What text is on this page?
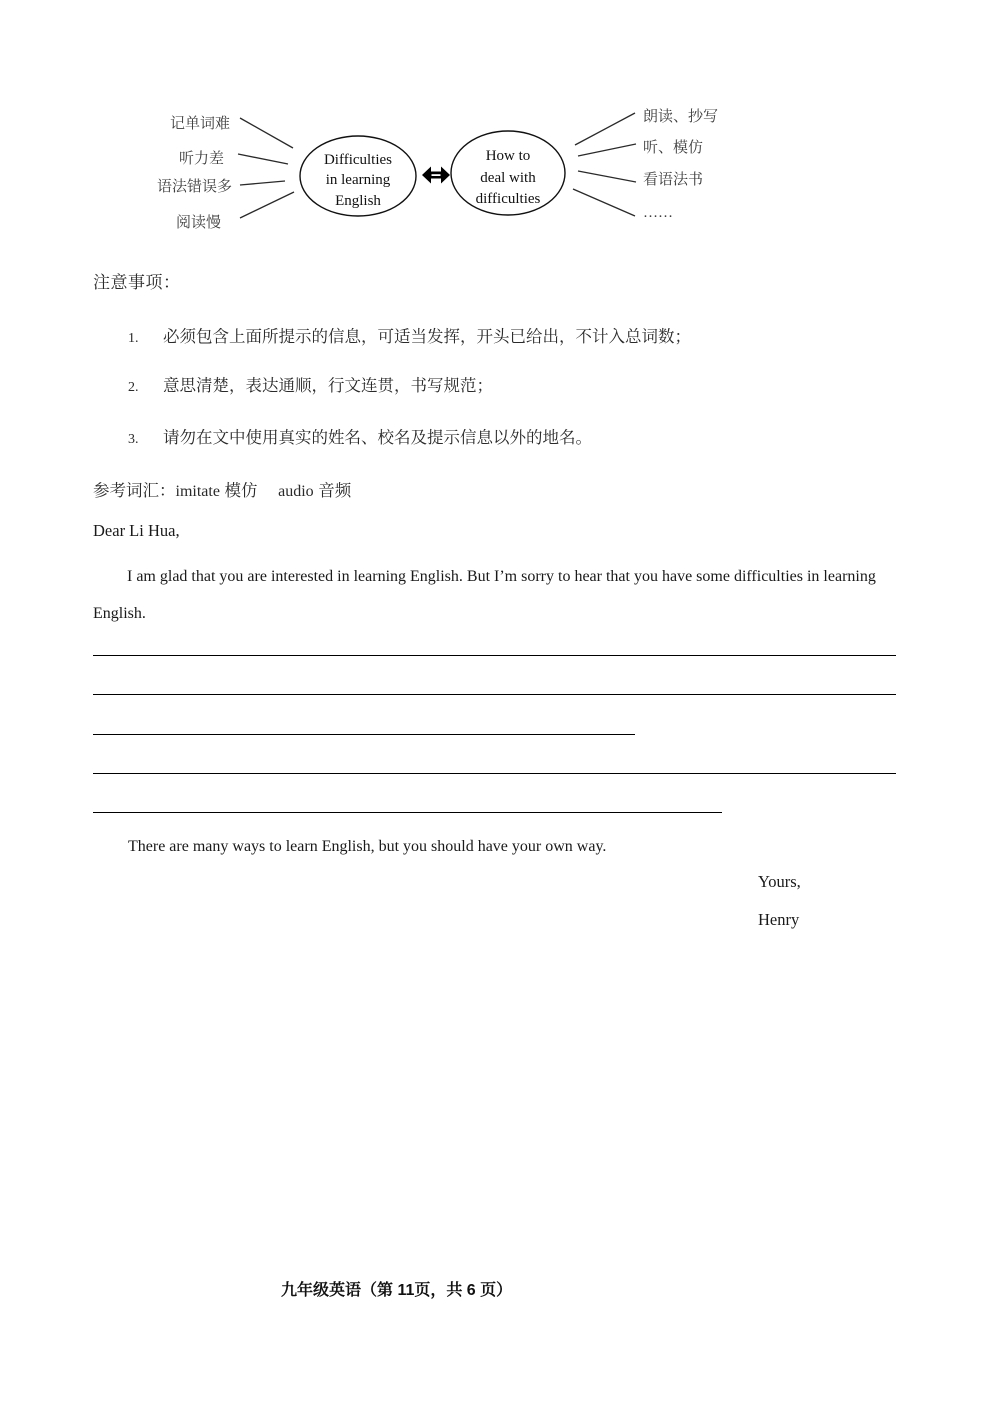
记单词难
听力差
语法错误多
阅读慢
朗读、抄写
听、模仿
看语法书
……
Difficulties
in learning
English
How to
deal with
difficulties
注意事项：
1. 必须包含上面所提示的信息，可适当发挥，开头已给出，不计入总词数；
2. 意思清楚，表达通顺，行文连贯，书写规范；
3. 请勿在文中使用真实的姓名、校名及提示信息以外的地名。
参考词汇：imitate 模仿 audio 音频
Dear Li Hua,
I am glad that you are interested in learning English. But I’m sorry to hear that you have some difficulties in learning English.
There are many ways to learn English, but you should have your own way.
Yours,
Henry
九年级英语（第 11页，共 6 页）
